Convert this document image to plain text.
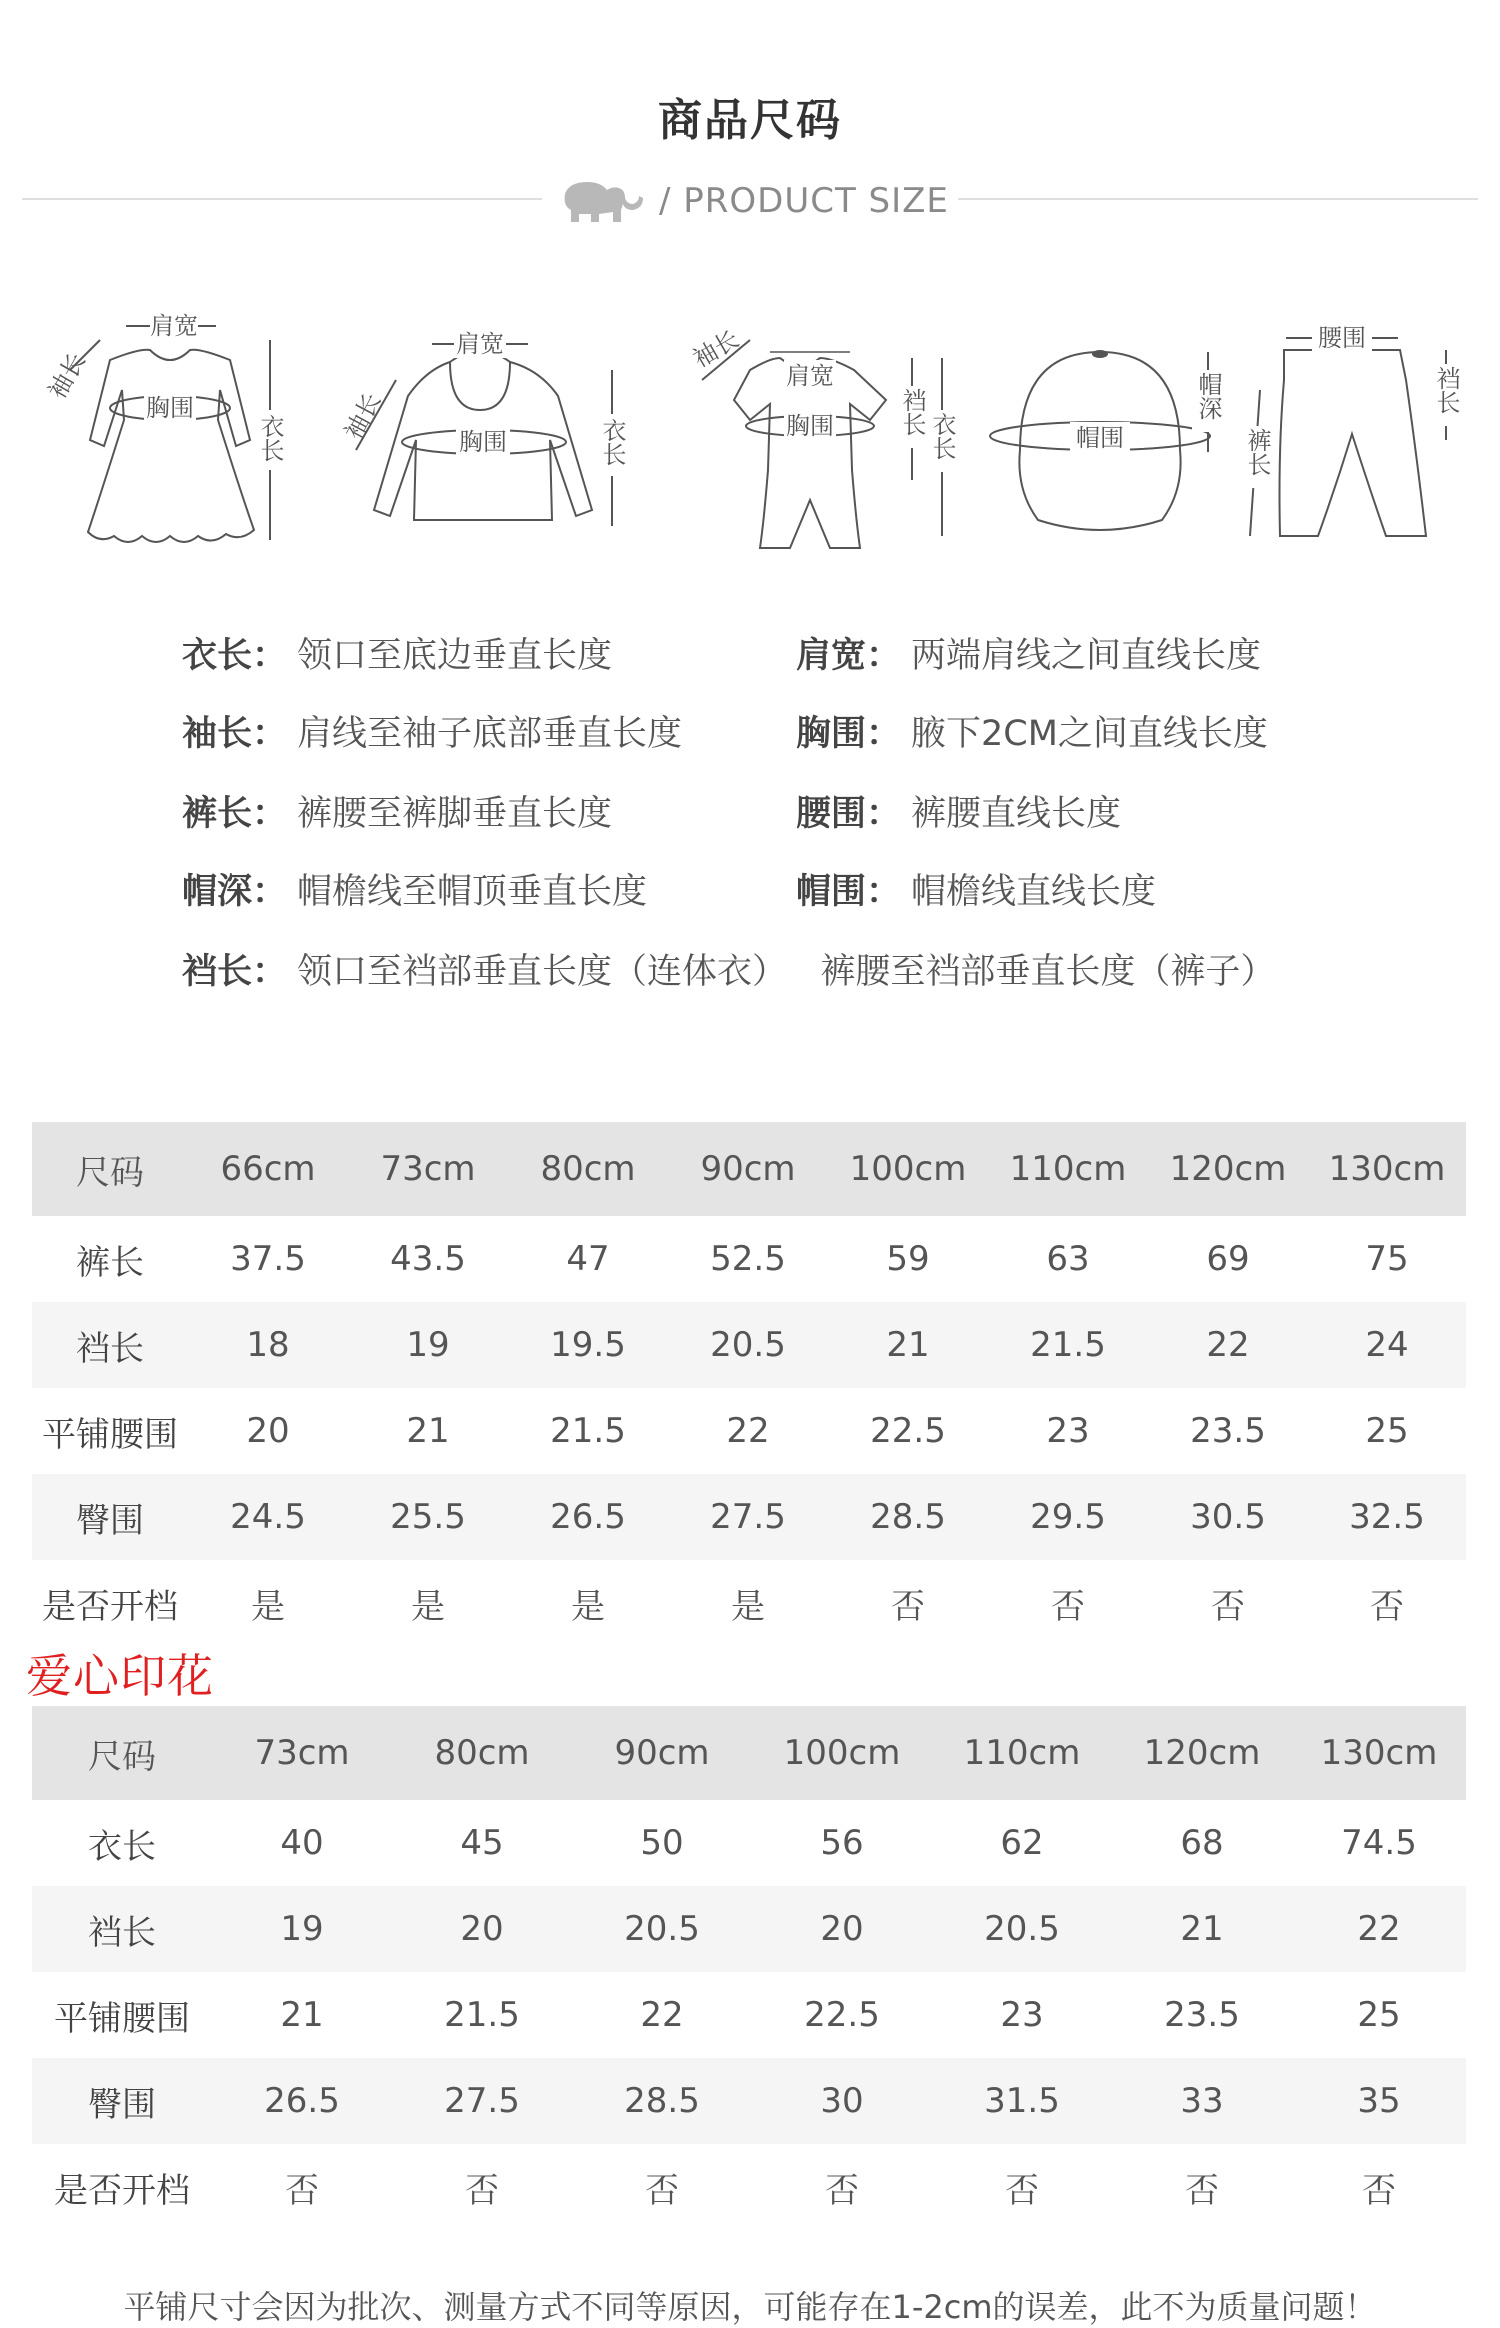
商品尺码
/ PRODUCT SIZE
肩宽
胸围
袖长
衣长
肩宽
胸围
袖长	衣长
袖长
肩宽
胸围	裆长 衣长	帽围
帽深
腰围
裤长
裆长
衣长 ： 领口至底边垂直长度	肩宽 ： 两端肩线之间直线长度
袖长 ： 肩线至袖子底部垂直长度	胸围 ： 腋下2CM之间直线长度
裤长 ： 裤腰至裤脚垂直长度	腰围 ： 裤腰直线长度
帽深 ： 帽檐线至帽顶垂直长度	帽围 ： 帽檐线直线长度
裆长 ： 领口至裆部垂直长度（连体衣）   裤腰至裆部垂直长度（裤子）
尺码	66cm	73cm	80cm	90cm	100cm	110cm	120cm	130cm
裤长	37.5	43.5	47	52.5	59	63	69	75
裆长	18	19	19.5	20.5	21	21.5	22	24
平铺腰围	20	21	21.5	22	22.5	23	23.5	25
臀围	24.5	25.5	26.5	27.5	28.5	29.5	30.5	32.5
是否开档	是	是	是	是	否	否	否	否
爱心印花
尺码	73cm	80cm	90cm	100cm	110cm	120cm	130cm
衣长	40	45	50	56	62	68	74.5
裆长	19	20	20.5	20	20.5	21	22
平铺腰围	21	21.5	22	22.5	23	23.5	25
臀围	26.5	27.5	28.5	30	31.5	33	35
是否开档	否	否	否	否	否	否	否
平铺尺寸会因为批次、测量方式不同等原因，可能存在1-2cm的误差，此不为质量问题！
